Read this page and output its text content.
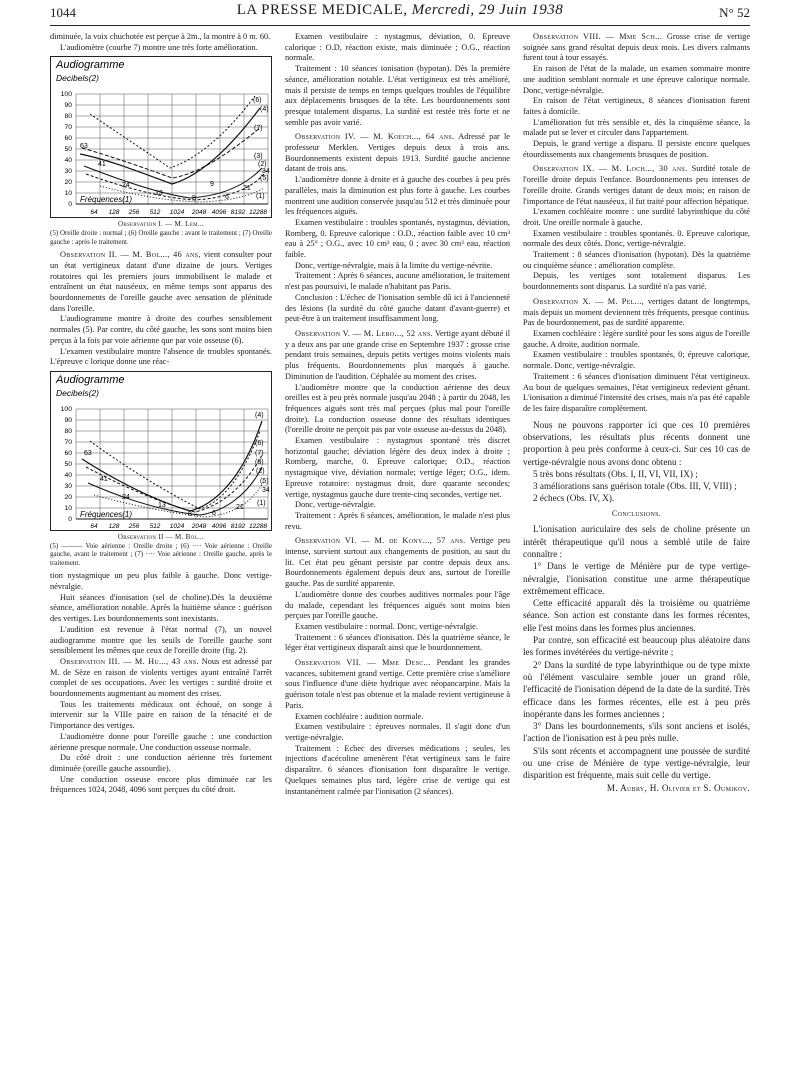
1044	LA PRESSE MEDICALE, Mercredi, 29 Juin 1938	N° 52

diminuée, la voix chuchotée est perçue à 2m., la montre à 0 m. 60.

L'audiomètre (courbe 7) montre une très forte amélioration.

Audiogramme
Decibels(2)
100
90
80
70
60
50
40
30
20
10
0
64 128 256 512 1024 2048 4096 8192 12288
Fréquences(1)
(6)
(4)
(7)
(3)
(2)
(5)
34
(1)
63
41
24
13
9
8	6
21

Observation I. — M. Lem...

(5) Oreille droite : normal ; (6) Oreille gauche : avant le traitement ; (7) Oreille gauche : après le traitement.

Observation II. — M. Bol..., 46 ans, vient consulter pour un état vertigineux datant d'une dizaine de jours. Vertiges rotatoires qui les premiers jours immobilisent le malade et entraînent un état nauséeux, en même temps sont apparus des bourdonnements de l'oreille gauche avec sensation de plénitude dans l'oreille.

L'audiogramme montre à droite des courbes sensiblement normales (5). Par contre, du côté gauche, les sons sont moins bien perçus à la fois par voie aérienne que par voie osseuse (6).

L'examen vestibulaire montre l'absence de troubles spontanés. L'épreuve c lorique donne une réac-

Audiogramme
Decibels(2)
100
90
80
70
60
50
40
30
20
10
0
64 128 256 512 1024 2048 4096 8192 12288
Fréquences(1)
(4)
(6)
(7)
(3)
(2)
(5)
34
(1)
63
41
24
13
8	6
21

Observation II — M. Bol...

(5) ——— Voie aérienne : Oreille droite ; (6) ···· Voie aérienne : Oreille gauche, avant le traitement ; (7) ···· Voie aérienne : Oreille gauche, après le traitement.

tion nystagmique un peu plus faible à gauche. Donc vertige-névralgie.

Huit séances d'ionisation (sel de choline).Dès la deuxième séance, amélioration notable. Après la huitième séance : guérison des vertiges. Les bourdonnements sont inexistants.

L'audition est revenue à l'état normal (7), un nouvel audiogramme montre que les seuils de l'oreille gauche sont sensiblement les mêmes que ceux de l'oreille droite (fig. 2).

Observation III. — M. Hu..., 43 ans. Nous est adressé par M. de Sèze en raison de violents vertiges ayant entraîné l'arrêt complet de ses occupations. Avec les vertiges : surdité droite et bourdonnements augmentant au moment des crises.

Tous les traitements médicaux ont échoué, on songe à intervenir sur la VIIIe paire en raison de la ténacité et de l'importance des vertiges.

L'audiomètre donne pour l'oreille gauche : une conduction aérienne presque normale. Une conduction osseuse normale.

Du côté droit : une conduction aérienne très fortement diminuée (oreille gauche assourdie).

Une conduction osseuse encore plus diminuée car les fréquences 1024, 2048, 4096 sont perçues du côté droit.

Examen vestibulaire : nystagmus, déviation, 0. Epreuve calorique : O.D, réaction existe, mais diminuée ; O.G., réaction normale.

Traitement : 10 séances ionisation (hypotan). Dès la première séance, amélioration notable. L'état vertigineux est très amélioré, mais il persiste de temps en temps quelques troubles de l'équilibre aux déplacements brusques de la tête. Les bourdonnements sont presque totalement disparus. La surdité est restée très forte et ne semble pas avoir varié.

Observation IV. — M. Koech..., 64 ans. Adressé par le professeur Merklen. Vertiges depuis deux à trois ans. Bourdonnements existent depuis 1913. Surdité gauche ancienne datant de trois ans.

L'audiomètre donne à droite et à gauche des courbes à peu près parallèles, mais la diminution est plus forte à gauche. Les courbes montrent une audition conservée jusqu'au 512 et très diminuée pour les fréquences aiguës.

Examen vestibulaire : troubles spontanés, nystagmus, déviation, Romberg, 0. Epreuve calorique : O.D., réaction faible avec 10 cm³ eau à 25° ; O.G., avec 10 cm³ eau, 0 ; avec 30 cm³ eau, réaction faible.

Donc, vertige-névralgie, mais à la limite du vertige-névrite.

Traitement : Après 6 séances, aucune amélioration, le traitement n'est pas poursuivi, le malade n'habitant pas Paris.

Conclusion : L'échec de l'ionisation semble dû ici à l'ancienneté des lésions (la surdité du côté gauche datant d'avant-guerre) et peut-être à un traitement insuffisamment long.

Observation V. — M. Lero..., 52 ans. Vertige ayant débuté il y a deux ans par une grande crise en Septembre 1937 : grosse crise pendant trois semaines, depuis petits vertiges moins violents mais plus fréquents. Bourdonnements plus marqués à gauche. Diminution de l'audition. Céphalée au moment des crises.

L'audiomètre montre que la conduction aérienne des deux oreilles est à peu près normale jusqu'au 2048 ; à partir du 2048, les fréquences aiguës sont très mal perçues (plus mal pour l'oreille droite). La conduction osseuse donne des résultats identiques (l'oreille droite ne perçoit pas par voie osseuse au-dessus du 2048).

Examen vestibulaire : nystagmus spontané très discret horizontal gauche; déviation légère des deux index à droite ; Romberg, marche, 0. Epreuve calorique; O.D., réaction nystagmique vive, déviation normale; vertige léger; O.G., idem. Epreuve rotatoire: nystagmus droit, dure quarante secondes; vertige, nystagmus gauche dure trente-cinq secondes, vertige net.

Donc, vertige-névralgie.

Traitement : Après 6 séances, amélioration, le malade n'est plus revu.

Observation VI. — M. de Kony..., 57 ans. Vertige peu intense, survient surtout aux changements de position, au saut du lit. Cet état peu gênant persiste par contre depuis deux ans. Bourdonnements également depuis deux ans, surtout de l'oreille gauche. Pas de surdité apparente.

L'audiomètre donne des courbes auditives normales pour l'âge du malade, cependant les fréquences aiguës sont moins bien perçues par l'oreille gauche.

Examen vestibulaire : normal. Donc, vertige-névralgie.

Traitement : 6 séances d'ionisation. Dès la quatrième séance, le léger état vertigineux disparaît ainsi que le bourdonnement.

Observation VII. — Mme Desc... Pendant les grandes vacances, subitement grand vertige. Cette première crise s'améliore sous l'influence d'une diète hydrique avec néopancarpine. Mais la guérison totale n'est pas obtenue et la malade revient vertigineuse à Paris.

Examen cochléaire : audition normale.

Examen vestibulaire : épreuves normales. Il s'agit donc d'un vertige-névralgie.

Traitement : Echec des diverses médications ; seules, les injections d'acécoline amenèrent l'état vertigineux sans le faire disparaître. 6 séances d'ionisation font disparaître le vertige. Quelques semaines plus tard, légère crise de vertige qui est instantanément calmée par l'ionisation (2 séances).

Observation VIII. — Mme Sch... Grosse crise de vertige soignée sans grand résultat depuis deux mois. Les divers calmants furent tout à tour essayés.

En raison de l'état de la malade, un examen sommaire montre une audition semblant normale et une épreuve calorique normale. Donc, vertige-névralgie.

En raison de l'état vertigineux, 8 séances d'ionisation furent faites à domicile.

L'amélioration fut très sensible et, dès la cinquième séance, la malade put se lever et circuler dans l'appartement.

Depuis, le grand vertige a disparu. Il persiste encore quelques étourdissements aux changements brusques de position.

Observation IX. — M. Loch..., 30 ans. Surdité totale de l'oreille droite depuis l'enfance. Bourdonnements peu intenses de l'oreille droite. Grands vertiges datant de deux mois; en raison de l'importance de l'état nauséeux, il fut traité pour affection hépatique.

L'examen cochléaire montre : une surdité labyrinthique du côté droit. Une oreille normale à gauche.

Examen vestibulaire : troubles spontanés. 0. Epreuve calorique, normale des deux côtés. Donc, vertige-névralgie.

Traitement : 8 séances d'ionisation (hypotan). Dès la quatrième ou cinquième séance : amélioration complète.

Depuis, les vertiges sont totalement disparus. Les bourdonnements sont disparus. La surdité n'a pas varié.

Observation X. — M. Pel..., vertiges datant de longtemps, mais depuis un moment deviennent très fréquents, presque continus. Pas de bourdonnement, pas de surdité apparente.

Examen cochléaire : légère surdité pour les sons aigus de l'oreille gauche. A droite, audition normale.

Examen vestibulaire : troubles spontanés, 0; épreuve calorique, normale. Donc, vertige-névralgie.

Traitement : 6 séances d'ionisation diminuent l'état vertigineux. Au bout de quelques semaines, l'état vertigineux redevient gênant. L'ionisation a diminué l'intensité des crises, mais n'a pas été capable de les faire disparaître complètement.

Nous ne pouvons rapporter ici que ces 10 premières observations, les résultats plus récents donnent une proportion à peu près conforme à ceux-ci. Sur ces 10 cas de vertige-névralgie nous avons donc obtenu :

5 très bons résultats (Obs. I, II, VI, VII, IX) ;

3 améliorations sans guérison totale (Obs. III, V, VIII) ;

2 échecs (Obs. IV, X).

Conclusions.

L'ionisation auriculaire des sels de choline présente un intérêt thérapeutique qu'il nous a semblé utile de faire connaître :

1° Dans le vertige de Ménière pur de type vertige-névralgie, l'ionisation constitue une arme thérapeutique extrêmement efficace.

Cette efficacité apparaît dès la troisième ou quatrième séance. Son action est constante dans les formes récentes, elle l'est moins dans les formes plus anciennes.

Par contre, son efficacité est beaucoup plus aléatoire dans les formes invétérées du vertige-névrite ;

2° Dans la surdité de type labyrinthique ou de type mixte où l'élément vasculaire semble jouer un grand rôle, l'efficacité de l'ionisation dépend de la date de la surdité. Très efficace dans les formes récentes, elle est à peu près inopérante dans les formes anciennes ;

3° Dans les bourdonnements, s'ils sont anciens et isolés, l'action de l'ionisation est à peu près nulle.

S'ils sont récents et accompagnent une poussée de surdité ou une crise de Ménière de type vertige-névralgie, leur disparition est fréquente, mais suit celle du vertige.

M. Aubry, H. Olivier et S. Oumikov.
